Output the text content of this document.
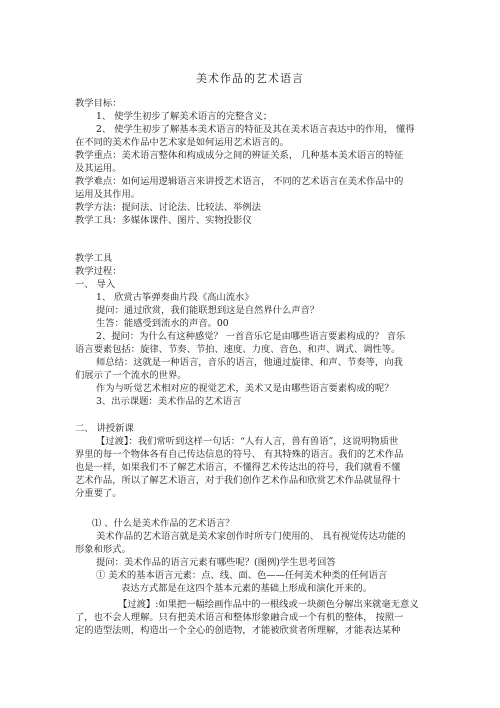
美术作品的艺术语言
教学目标：
1、 使学生初步了解美术语言的完整含义；
2、 使学生初步了解基本美术语言的特征及其在美术语言表达中的作用， 懂得
在不同的美术作品中艺术家是如何运用艺术语言的。
教学重点：美术语言整体和构成成分之间的辨证关系， 几种基本美术语言的特征
及其运用。
教学难点：如何运用逻辑语言来讲授艺术语言， 不同的艺术语言在美术作品中的
运用及其作用。
教学方法：提问法、讨论法、比较法、举例法
教学工具：多媒体课件、图片、实物投影仪
教学工具
教学过程：
一、 导入
1、 欣赏古筝弹奏曲片段《高山流水》
提问：通过欣赏，我们能联想到这是自然界什么声音？
生答：能感受到流水的声音。00
2、提问：为什么有这种感觉？ 一首音乐它是由哪些语言要素构成的？ 音乐
语言要素包括：旋律、节奏、节拍、速度、力度、音色、和声、调式、调性等。
师总结：这就是一种语言，音乐的语言，他通过旋律、和声、节奏等，向我
们展示了一个流水的世界。
作为与听觉艺术相对应的视觉艺术，美术又是由哪些语言要素构成的呢？
3、出示课题：美术作品的艺术语言
二、 讲授新课
【过渡】：我们常听到这样一句话：“人有人言，兽有兽语”，这说明物质世
界里的每一个物体各有自己传达信息的符号、 有其特殊的语言。我们的艺术作品
也是一样，如果我们不了解艺术语言，不懂得艺术传达出的符号，我们就看不懂
艺术作品，所以了解艺术语言，对于我们创作艺术作品和欣赏艺术作品就显得十
分重要了。
⑴ 、什么是美术作品的艺术语言？
美术作品的艺术语言就是美术家创作时所专门使用的、 具有视觉传达功能的
形象和形式。
提问：美术作品的语言元素有哪些呢？(图例)学生思考回答
① 美术的基本语言元素：点、线、面、色——任何美术种类的任何语言
表达方式都是在这四个基本元素的基础上形成和演化开来的。
【过渡】:如果把一幅绘画作品中的一根线或一块颜色分解出来就毫无意义
了，也不会人理解。只有把美术语言和整体形象融合成一个有机的整体， 按照一
定的造型法则，构造出一个全心的创造物，才能被欣赏者所理解，才能表达某种
